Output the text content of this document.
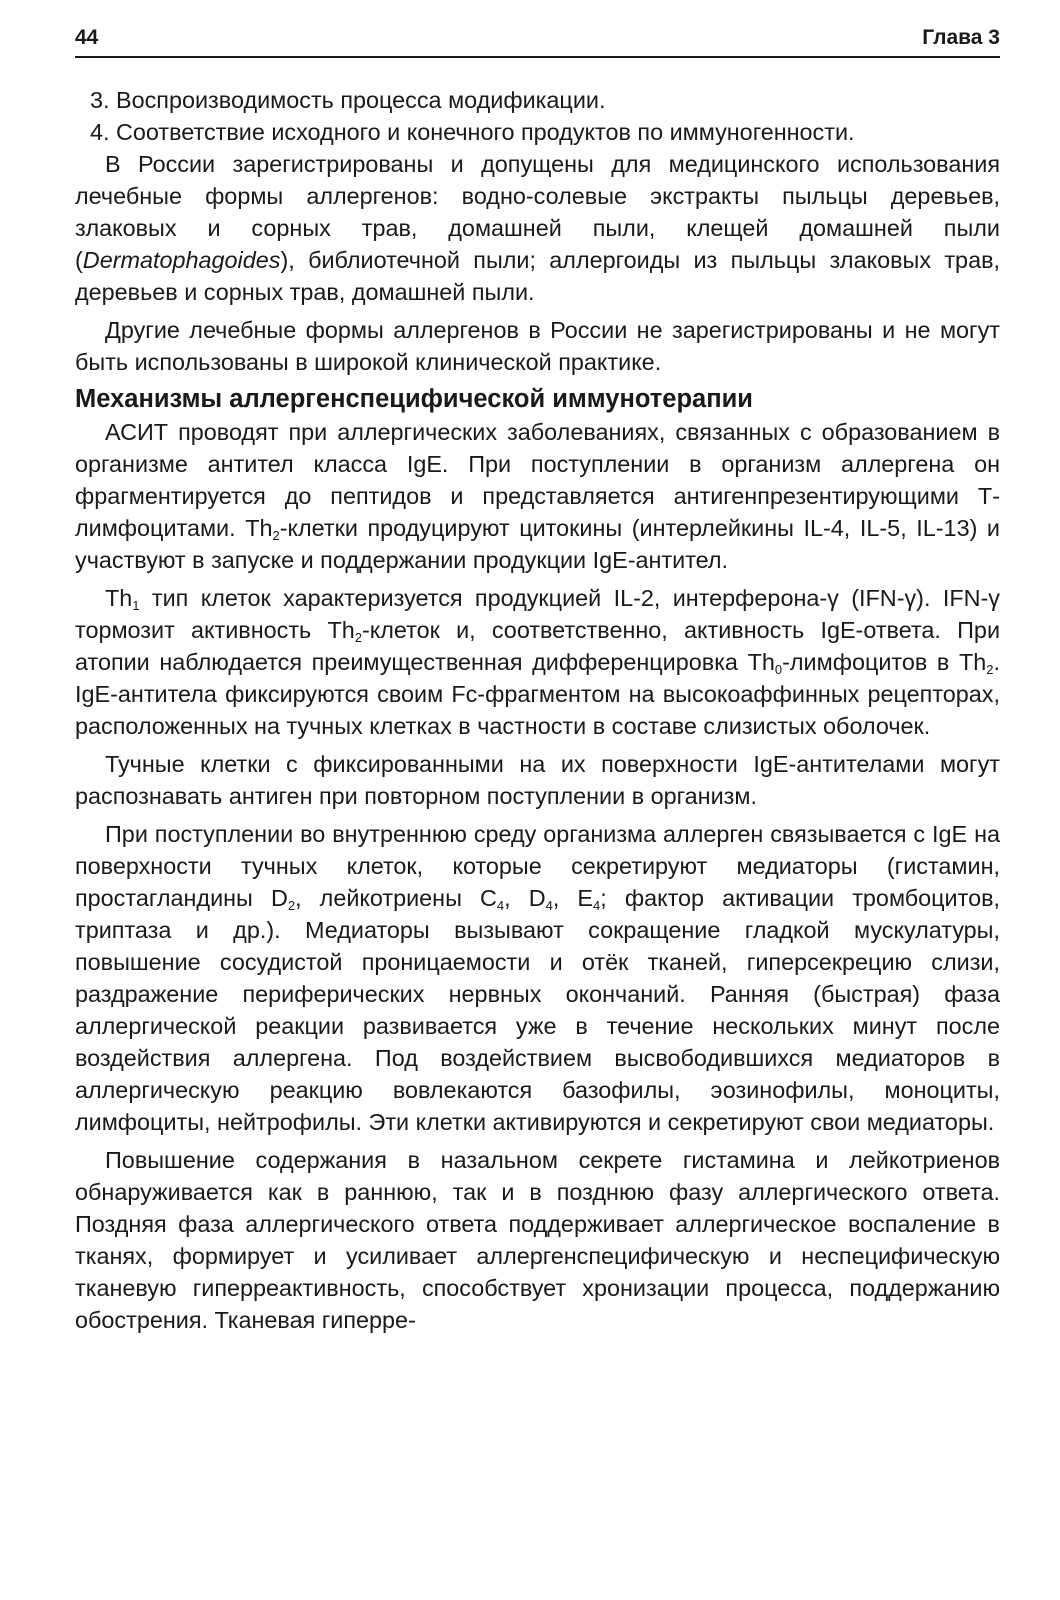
44	Глава 3

3. Воспроизводимость процесса модификации.

4. Соответствие исходного и конечного продуктов по иммуногенности.

В России зарегистрированы и допущены для медицинского использования лечебные формы аллергенов: водно-солевые экстракты пыльцы деревьев, злаковых и сорных трав, домашней пыли, клещей домашней пыли (Dermatophagoides), библиотечной пыли; аллергоиды из пыльцы злаковых трав, деревьев и сорных трав, домашней пыли.

Другие лечебные формы аллергенов в России не зарегистрированы и не могут быть использованы в широкой клинической практике.

Механизмы аллергенспецифической иммунотерапии

АСИТ проводят при аллергических заболеваниях, связанных с образованием в организме антител класса IgE. При поступлении в организм аллергена он фрагментируется до пептидов и представляется антигенпрезентирующими Т-лимфоцитами. $Th_2$-клетки продуцируют цитокины (интерлейкины IL-4, IL-5, IL-13) и участвуют в запуске и поддержании продукции IgE-антител.

$Th_1$ тип клеток характеризуется продукцией IL-2, интерферона-γ (IFN-γ). IFN-γ тормозит активность $Th_2$-клеток и, соответственно, активность IgE-ответа. При атопии наблюдается преимущественная дифференцировка $Th_0$-лимфоцитов в $Th_2$. IgE-антитела фиксируются своим Fc-фрагментом на высокоаффинных рецепторах, расположенных на тучных клетках в частности в составе слизистых оболочек.

Тучные клетки с фиксированными на их поверхности IgE-антителами могут распознавать антиген при повторном поступлении в организм.

При поступлении во внутреннюю среду организма аллерген связывается с IgE на поверхности тучных клеток, которые секретируют медиаторы (гистамин, простагландины $D_2$, лейкотриены $C_4$, $D_4$, $E_4$; фактор активации тромбоцитов, триптаза и др.). Медиаторы вызывают сокращение гладкой мускулатуры, повышение сосудистой проницаемости и отёк тканей, гиперсекрецию слизи, раздражение периферических нервных окончаний. Ранняя (быстрая) фаза аллергической реакции развивается уже в течение нескольких минут после воздействия аллергена. Под воздействием высвободившихся медиаторов в аллергическую реакцию вовлекаются базофилы, эозинофилы, моноциты, лимфоциты, нейтрофилы. Эти клетки активируются и секретируют свои медиаторы.

Повышение содержания в назальном секрете гистамина и лейкотриенов обнаруживается как в раннюю, так и в позднюю фазу аллергического ответа. Поздняя фаза аллергического ответа поддерживает аллергическое воспаление в тканях, формирует и усиливает аллергенспецифическую и неспецифическую тканевую гиперреактивность, способствует хронизации процесса, поддержанию обострения. Тканевая гиперре-
